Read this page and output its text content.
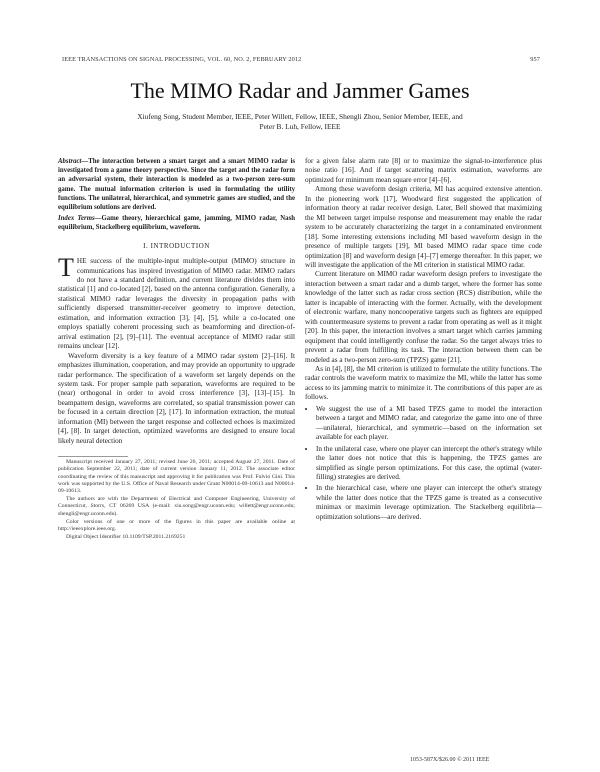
IEEE TRANSACTIONS ON SIGNAL PROCESSING, VOL. 60, NO. 2, FEBRUARY 2012	957
The MIMO Radar and Jammer Games
Xiufeng Song, Student Member, IEEE, Peter Willett, Fellow, IEEE, Shengli Zhou, Senior Member, IEEE, and
Peter B. Luh, Fellow, IEEE

Abstract—The interaction between a smart target and a smart MIMO radar is investigated from a game theory perspective. Since the target and the radar form an adversarial system, their interaction is modeled as a two-person zero-sum game. The mutual information criterion is used in formulating the utility functions. The unilateral, hierarchical, and symmetric games are studied, and the equilibrium solutions are derived.

Index Terms—Game theory, hierarchical game, jamming, MIMO radar, Nash equilibrium, Stackelberg equilibrium, waveform.

I. INTRODUCTION

THE success of the multiple-input multiple-output (MIMO) structure in communications has inspired investigation of MIMO radar. MIMO radars do not have a standard definition, and current literature divides them into statistical [1] and co-located [2], based on the antenna configuration. Generally, a statistical MIMO radar leverages the diversity in propagation paths with sufficiently dispersed transmitter-receiver geometry to improve detection, estimation, and information extraction [3], [4], [5], while a co-located one employs spatially coherent processing such as beamforming and direction-of-arrival estimation [2], [9]–[11]. The eventual acceptance of MIMO radar still remains unclear [12].

Waveform diversity is a key feature of a MIMO radar system [2]–[16]. It emphasizes illumination, cooperation, and may provide an opportunity to upgrade radar performance. The specification of a waveform set largely depends on the system task. For proper sample path separation, waveforms are required to be (near) orthogonal in order to avoid cross interference [3], [13]–[15]. In beampattern design, waveforms are correlated, so spatial transmission power can be focused in a certain direction [2], [17]. In information extraction, the mutual information (MI) between the target response and collected echoes is maximized [4], [8]. In target detection, optimized waveforms are designed to ensure local likely neural detection

Manuscript received January 27, 2011; revised June 26, 2011; accepted August 27, 2011. Date of publication September 22, 2011; date of current version January 11, 2012. The associate editor coordinating the review of this manuscript and approving it for publication was Prof. Fulvio Gini. This work was supported by the U.S. Office of Naval Research under Grant N00014-09-10613 and N00014-09-10613.

The authors are with the Department of Electrical and Computer Engineering, University of Connecticut, Storrs, CT 06269 USA (e-mail: xiu.song@engr.uconn.edu; willett@engr.uconn.edu; shengli@engr.uconn.edu).

Color versions of one or more of the figures in this paper are available online at http://ieeexplore.ieee.org.

Digital Object Identifier 10.1109/TSP.2011.2169251

for a given false alarm rate [8] or to maximize the signal-to-interference plus noise ratio [16]. And if target scattering matrix estimation, waveforms are optimized for minimum mean square error [4]–[6].

Among these waveform design criteria, MI has acquired extensive attention. In the pioneering work [17], Woodward first suggested the application of information theory at radar receiver design. Later, Bell showed that maximizing the MI between target impulse response and measurement may enable the radar system to be accurately characterizing the target in a contaminated environment [18]. Some interesting extensions including MI based waveform design in the presence of multiple targets [19], MI based MIMO radar space time code optimization [8] and waveform design [4]–[7] emerge thereafter. In this paper, we will investigate the application of the MI criterion in statistical MIMO radar.

Current literature on MIMO radar waveform design prefers to investigate the interaction between a smart radar and a dumb target, where the former has some knowledge of the latter such as radar cross section (RCS) distribution, while the latter is incapable of interacting with the former. Actually, with the development of electronic warfare, many noncooperative targets such as fighters are equipped with countermeasure systems to prevent a radar from operating as well as it might [20]. In this paper, the interaction involves a smart target which carries jamming equipment that could intelligently confuse the radar. So the target always tries to prevent a radar from fulfilling its task. The interaction between them can be modeled as a two-person zero-sum (TPZS) game [21].

As in [4], [8], the MI criterion is utilized to formulate the utility functions. The radar controls the waveform matrix to maximize the MI, while the latter has some access to its jamming matrix to minimize it. The contributions of this paper are as follows.

• We suggest the use of a MI based TPZS game to model the interaction between a target and MIMO radar, and categorize the game into one of three—unilateral, hierarchical, and symmetric—based on the information set available for each player.
• In the unilateral case, where one player can intercept the other's strategy while the latter does not notice that this is happening, the TPZS games are simplified as single person optimizations. For this case, the optimal (water-filling) strategies are derived.
• In the hierarchical case, where one player can intercept the other's strategy while the latter does notice that the TPZS game is treated as a consecutive minimax or maximin leverage optimization. The Stackelberg equilibria—optimization solutions—are derived.
1053-587X/$26.00 © 2011 IEEE
